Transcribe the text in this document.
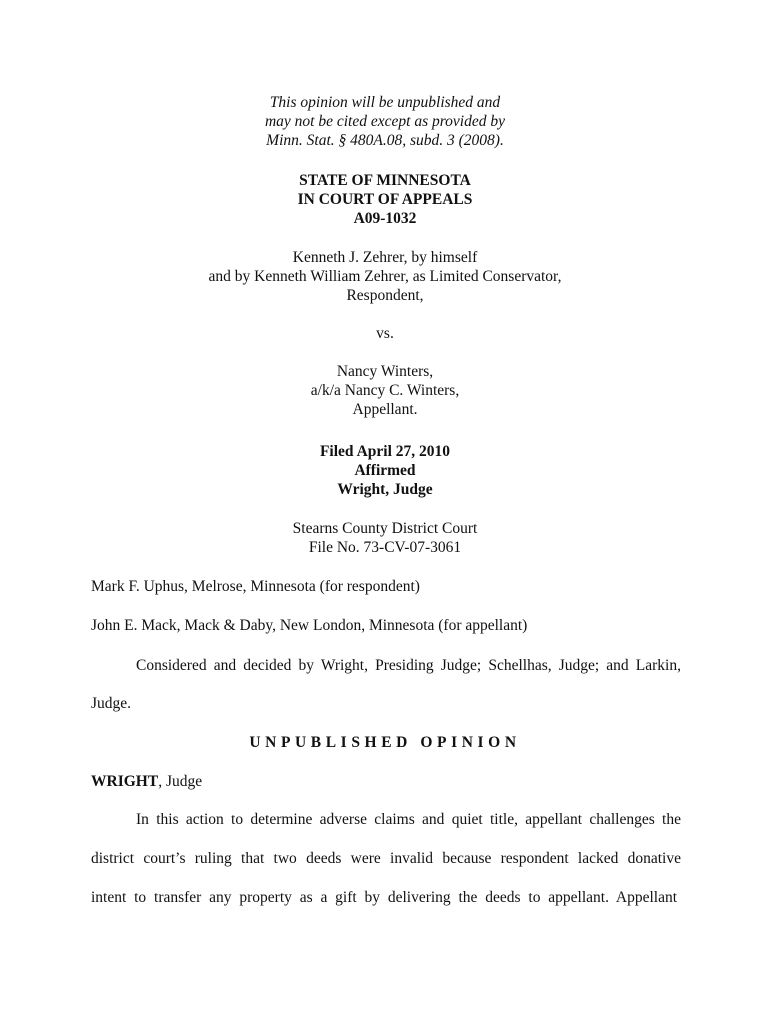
This opinion will be unpublished and
may not be cited except as provided by
Minn. Stat. § 480A.08, subd. 3 (2008).
STATE OF MINNESOTA
IN COURT OF APPEALS
A09-1032
Kenneth J. Zehrer, by himself
and by Kenneth William Zehrer, as Limited Conservator,
Respondent,
vs.
Nancy Winters,
a/k/a Nancy C. Winters,
Appellant.
Filed April 27, 2010
Affirmed
Wright, Judge
Stearns County District Court
File No. 73-CV-07-3061
Mark F. Uphus, Melrose, Minnesota (for respondent)
John E. Mack, Mack & Daby, New London, Minnesota (for appellant)
Considered and decided by Wright, Presiding Judge; Schellhas, Judge; and Larkin,
Judge.
UNPUBLISHED OPINION
WRIGHT, Judge
In this action to determine adverse claims and quiet title, appellant challenges the
district court’s ruling that two deeds were invalid because respondent lacked donative
intent to transfer any property as a gift by delivering the deeds to appellant. Appellant
